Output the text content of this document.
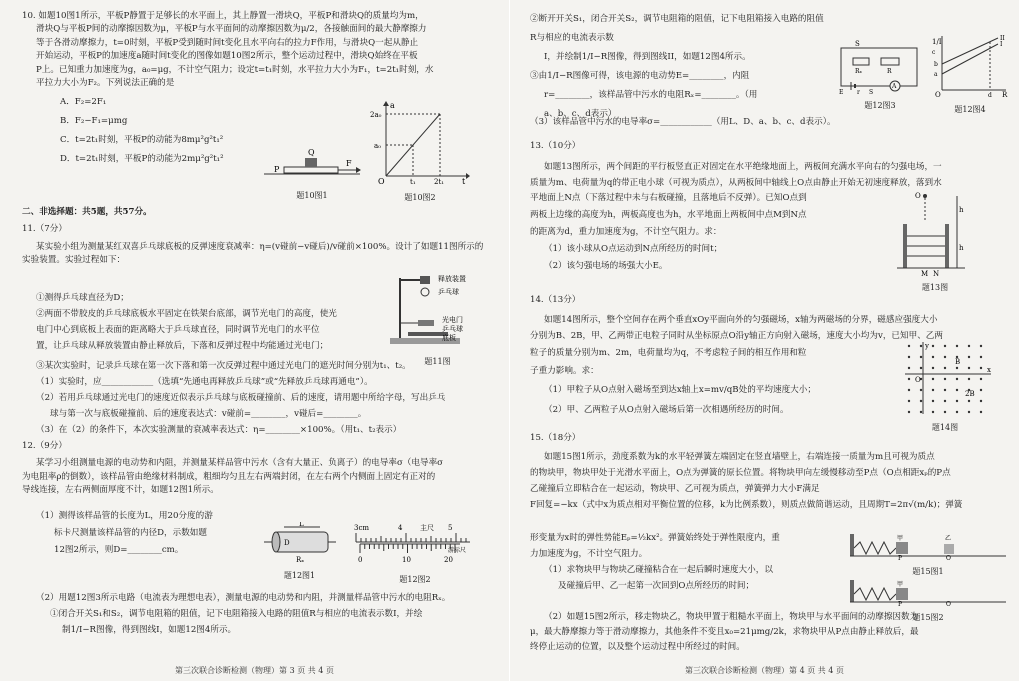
10. 如题10图1所示，平板P静置于足够长的水平面上，其上静置一滑块Q，平板P和滑块Q的质量均为m，

滑块Q与平板P间的动摩擦因数为μ，平板P与水平面间的动摩擦因数为μ/2，各接触面间的最大静摩擦力

等于各滑动摩擦力，t=0时刻，平板P受到随时间t变化且水平向右的拉力F作用，与滑块Q一起从静止

开始运动，平板P的加速度a随时间t变化的图像如题10图2所示，整个运动过程中，滑块Q始终在平板

P上。已知重力加速度为g，a₀=μg，不计空气阻力；设定t=t₁时刻，水平拉力大小为F₁，t=2t₁时刻，水

平拉力大小为F₂。下列说法正确的是

A．F₂=2F₁

B．F₂−F₁=μmg

C．t=2t₁时刻，平板P的动能为8mμ²g²t₁²

D．t=2t₁时刻，平板P的动能为2mμ²g²t₁²

Q
P
F
题10图1
a
t
O
2a₀
a₀
t₁	2t₁
题10图2

二、非选择题：共5题，共57分。

11.（7分）

某实验小组为测量某红双喜乒乓球底板的反弹速度衰减率：η=(v碰前−v碰后)/v碰前×100%。设计了如题11图所示的

实验装置。实验过程如下：

①测得乒乓球直径为D；

②两面不带胶皮的乒乓球底板水平固定在铁架台底部，调节光电门的高度，使光

电门中心到底板上表面的距离略大于乒乓球直径，同时调节光电门的水平位

置，让乒乓球从释放装置由静止释放后，下落和反弹过程中均能通过光电门；

③某次实验时，记录乒乓球在第一次下落和第一次反弹过程中通过光电门的遮光时间分别为t₁、t₂。

（1）实验时，应____________（选填“先通电再释放乒乓球”或“先释放乒乓球再通电”）。

（2）若用乒乓球通过光电门的速度近似表示乒乓球与底板碰撞前、后的速度，请用题中所给字母，写出乒乓

球与第一次与底板碰撞前、后的速度表达式：v碰前=________，v碰后=________。

（3）在（2）的条件下，本次实验测量的衰减率表达式：η=________×100%。（用t₁、t₂表示）

释放装置
乒乓球
光电门
乒乓球
底板
题11图

12.（9分）

某学习小组测量电源的电动势和内阻，并测量某样品管中污水（含有大量正、负离子）的电导率σ（电导率σ

为电阻率ρ的倒数），该样品管由绝缘材料制成，粗细均匀且左右两端封闭，在左右两个内侧面上固定有正对的

导线连接，左右两侧面厚度不计，如题12图1所示。

（1）测得该样品管的长度为L，用20分度的游

标卡尺测量该样品管的内径D，示数如题

12图2所示，则D=________cm。

L
D
Rₓ
题12图1
3cm	4	主尺 5
0	10	20
游标尺
题12图2

（2）用题12图3所示电路（电流表为理想电表），测量电源的电动势和内阻，并测量样品管中污水的电阻Rₓ。

①闭合开关S₁和S₂，调节电阻箱的阻值，记下电阻箱接入电路的阻值R与相应的电流表示数I，并绘

制1/I−R图像，得到图线I，如题12图4所示。

第三次联合诊断检测（物理）第 3 页 共 4 页

②断开开关S₁，闭合开关S₂，调节电阻箱的阻值，记下电阻箱接入电路的阻值R与相应的电流表示数

I，并绘制1/I−R图像，得到图线II，如题12图4所示。

③由1/I−R图像可得，该电源的电动势E=________，内阻

r=________，该样品管中污水的电阻Rₓ=________。（用

a、b、c、d表示）

（3）该样品管中污水的电导率σ=____________（用L、D、a、b、c、d表示）。

S
Rₓ	R
A
E r S
题12图3
1/I
R
O
I
II
a
b
d
c
题12图4

13.（10分）

如题13图所示，两个间距的平行板竖直正对固定在水平绝缘地面上，两板间充满水平向右的匀强电场，一

质量为m、电荷量为q的带正电小球（可视为质点），从两板间中轴线上O点由静止开始无初速度释放，落到水

平地面上N点（下落过程中未与右板碰撞，且落地后不反弹）。已知O点到

两板上边缘的高度为h，两板高度也为h，水平地面上两板间中点M到N点

的距离为d，重力加速度为g，不计空气阻力。求：

（1）该小球从O点运动到N点所经历的时间t；

（2）该匀强电场的场强大小E。

O
h
h
M N
题13图

14.（13分）

如题14图所示，整个空间存在两个垂直xOy平面向外的匀强磁场，x轴为两磁场的分界，磁感应强度大小

分别为B、2B，甲、乙两带正电粒子同时从坐标原点O沿y轴正方向射入磁场，速度大小均为v，已知甲、乙两

粒子的质量分别为m、2m，电荷量均为q，不考虑粒子间的相互作用和粒

子重力影响。求：

（1）甲粒子从O点射入磁场至到达x轴上x=mv/qB处的平均速度大小；

（2）甲、乙两粒子从O点射入磁场后第一次相遇所经历的时间。

y
x
O
B
2B
题14图

15.（18分）

如题15图1所示，劲度系数为k的水平轻弹簧左端固定在竖直墙壁上，右端连接一质量为m且可视为质点

的物块甲，物块甲处于光滑水平面上，O点为弹簧的原长位置。将物块甲向左缓慢移动至P点（O点相距xₚ的P点

乙碰撞后立即粘合在一起运动，物块甲、乙可视为质点，弹簧弹力大小F满足

F回复=−kx（式中x为质点相对平衡位置的位移，k为比例系数），则质点做简谐运动，且周期T=2π√(m/k)；弹簧

形变量为x时的弹性势能Eₚ=½kx²。弹簧始终处于弹性限度内，重

力加速度为g，不计空气阻力。

（1）求物块甲与物块乙碰撞粘合在一起后瞬时速度大小，以

及碰撞后甲、乙一起第一次回到O点所经历的时间；

（2）如题15图2所示，移走物块乙，物块甲置于粗糙水平面上，物块甲与水平面间的动摩擦因数为

μ，最大静摩擦力等于滑动摩擦力，其他条件不变且x₀=21μmg/2k，求物块甲从P点由静止释放后，最

终停止运动的位置，以及整个运动过程中所经过的时间。

甲
P
乙
O
题15图1
甲
P	O
题15图2
第三次联合诊断检测（物理）第 4 页 共 4 页
